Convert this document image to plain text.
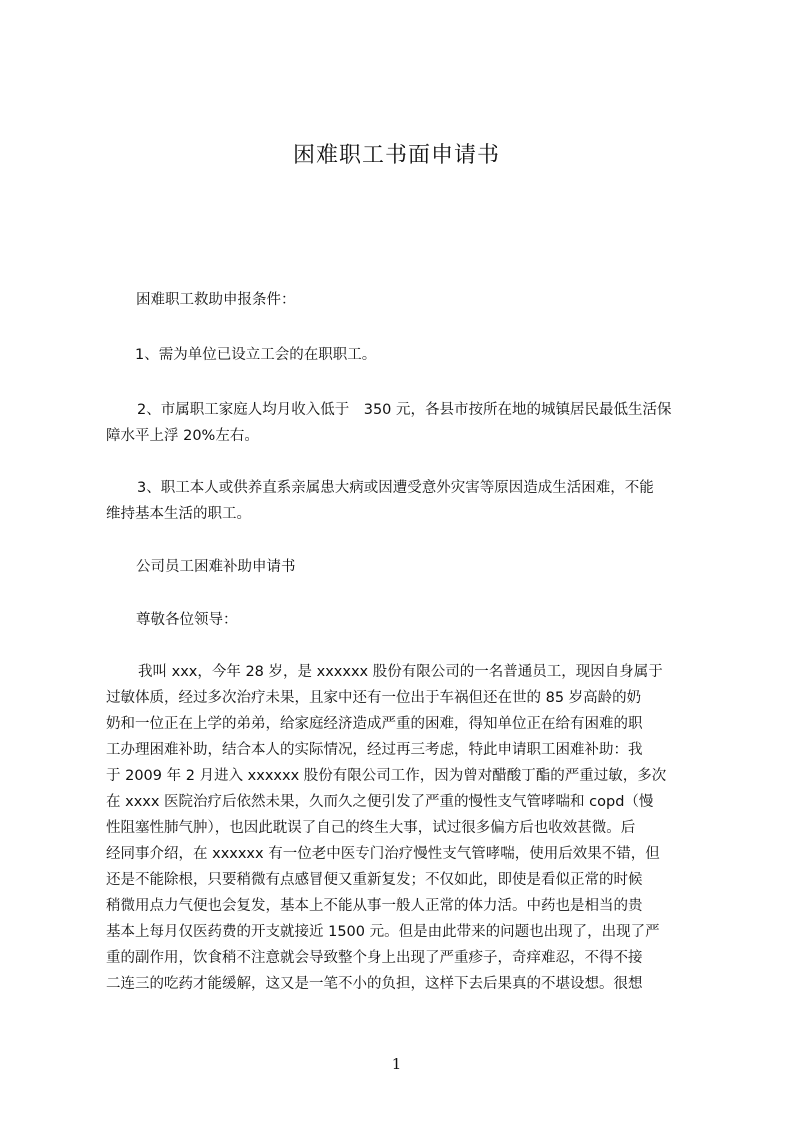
困难职工书面申请书
困难职工救助申报条件：
1、需为单位已设立工会的在职职工。
2、市属职工家庭人均月收入低于　350 元，各县市按所在地的城镇居民最低生活保
障水平上浮 20%左右。
3、职工本人或供养直系亲属患大病或因遭受意外灾害等原因造成生活困难，不能
维持基本生活的职工。
公司员工困难补助申请书
尊敬各位领导：
我叫 xxx，今年 28 岁，是 xxxxxx 股份有限公司的一名普通员工，现因自身属于
过敏体质，经过多次治疗未果，且家中还有一位出于车祸但还在世的 85 岁高龄的奶
奶和一位正在上学的弟弟，给家庭经济造成严重的困难，得知单位正在给有困难的职
工办理困难补助，结合本人的实际情况，经过再三考虑，特此申请职工困难补助：我
于 2009 年 2 月进入 xxxxxx 股份有限公司工作，因为曾对醋酸丁酯的严重过敏，多次
在 xxxx 医院治疗后依然未果，久而久之便引发了严重的慢性支气管哮喘和 copd（慢
性阻塞性肺气肿），也因此耽误了自己的终生大事，试过很多偏方后也收效甚微。后
经同事介绍，在 xxxxxx 有一位老中医专门治疗慢性支气管哮喘，使用后效果不错，但
还是不能除根，只要稍微有点感冒便又重新复发；不仅如此，即使是看似正常的时候
稍微用点力气便也会复发，基本上不能从事一般人正常的体力活。中药也是相当的贵
基本上每月仅医药费的开支就接近 1500 元。但是由此带来的问题也出现了，出现了严
重的副作用，饮食稍不注意就会导致整个身上出现了严重疹子，奇痒难忍，不得不接
二连三的吃药才能缓解，这又是一笔不小的负担，这样下去后果真的不堪设想。很想
1
